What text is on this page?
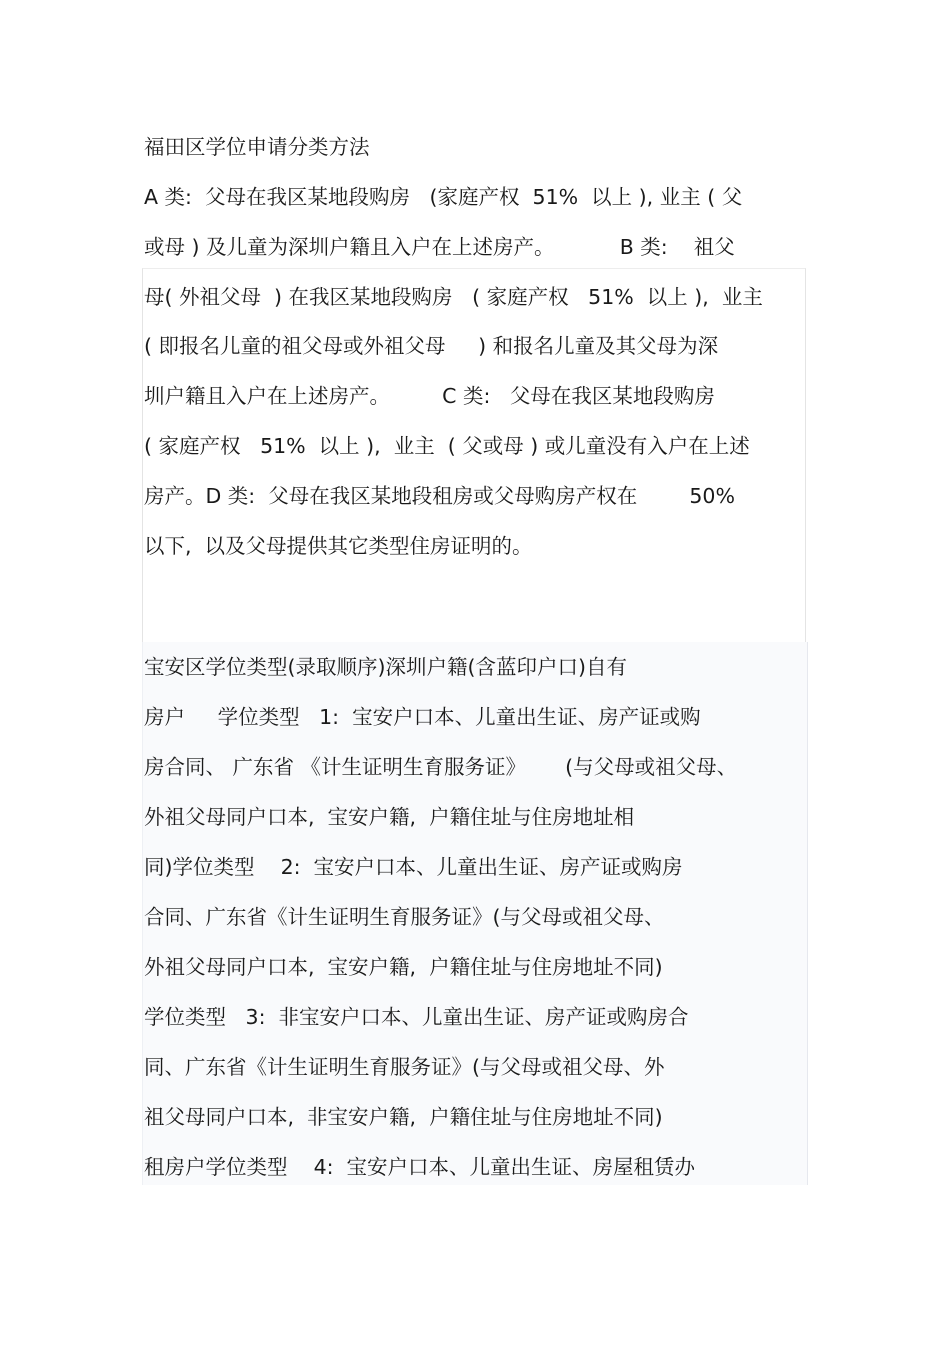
福田区学位申请分类方法
A 类:  父母在我区某地段购房   (家庭产权  51%  以上 ), 业主 ( 父
或母 ) 及儿童为深圳户籍且入户在上述房产。          B 类:    祖父
母( 外祖父母  ) 在我区某地段购房   ( 家庭产权   51%  以上 ),  业主
( 即报名儿童的祖父母或外祖父母     ) 和报名儿童及其父母为深
圳户籍且入户在上述房产。        C 类:   父母在我区某地段购房
( 家庭产权   51%  以上 ),  业主  ( 父或母 ) 或儿童没有入户在上述
房产。D 类:  父母在我区某地段租房或父母购房产权在        50%
以下,  以及父母提供其它类型住房证明的。
宝安区学位类型(录取顺序)深圳户籍(含蓝印户口)自有
房户     学位类型   1:  宝安户口本、儿童出生证、房产证或购
房合同、 广东省 《计生证明生育服务证》      (与父母或祖父母、
外祖父母同户口本,  宝安户籍,  户籍住址与住房地址相
同)学位类型    2:  宝安户口本、儿童出生证、房产证或购房
合同、广东省《计生证明生育服务证》(与父母或祖父母、
外祖父母同户口本,  宝安户籍,  户籍住址与住房地址不同)
学位类型   3:  非宝安户口本、儿童出生证、房产证或购房合
同、广东省《计生证明生育服务证》(与父母或祖父母、外
祖父母同户口本,  非宝安户籍,  户籍住址与住房地址不同)
租房户学位类型    4:  宝安户口本、儿童出生证、房屋租赁办
